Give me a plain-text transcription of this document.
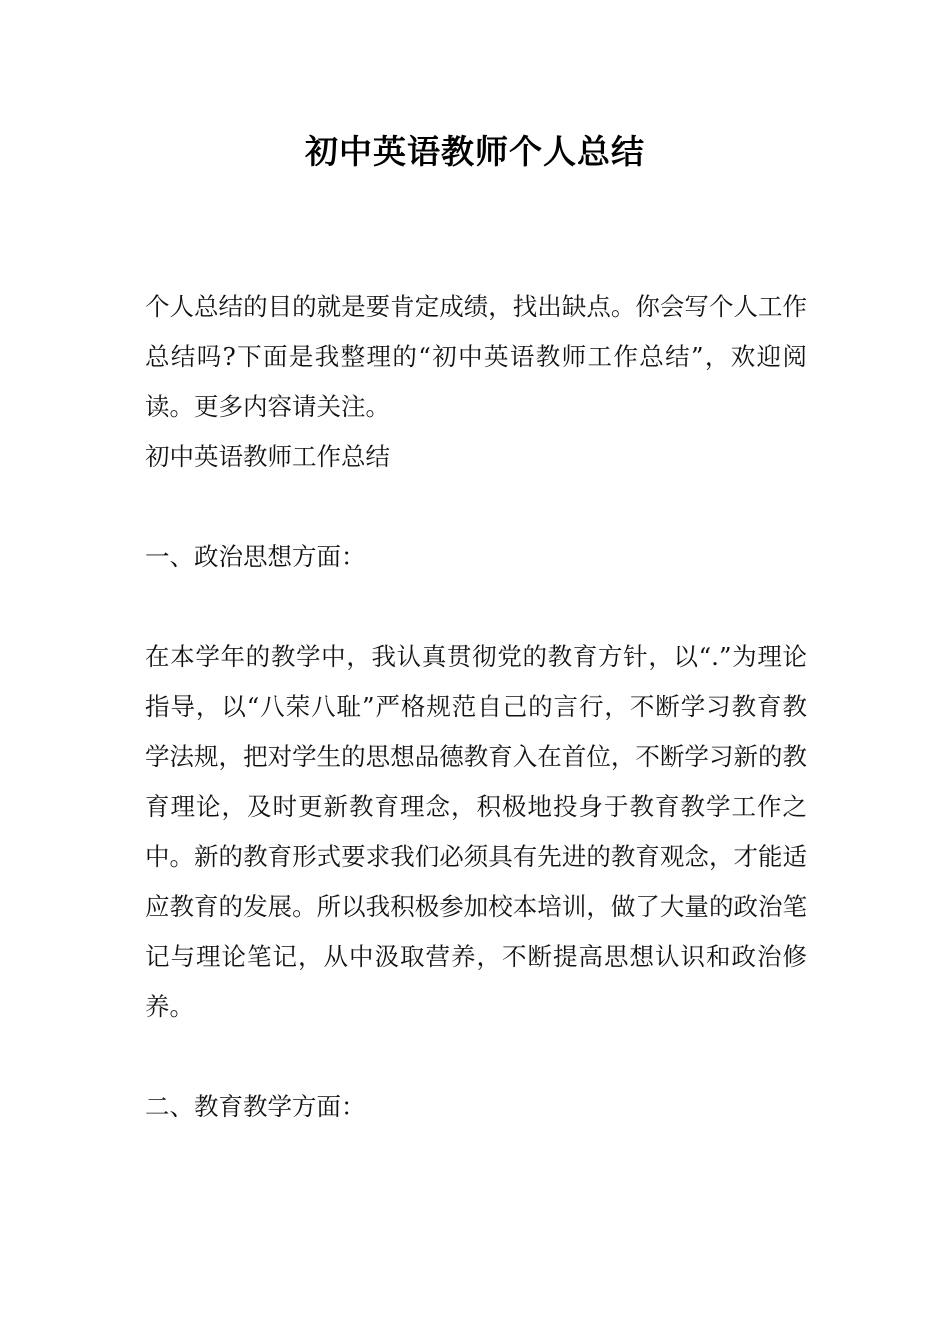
初中英语教师个人总结

个人总结的目的就是要肯定成绩，找出缺点。你会写个人工作总结吗?下面是我整理的“初中英语教师工作总结”，欢迎阅读。更多内容请关注。

初中英语教师工作总结

一、政治思想方面：

在本学年的教学中，我认真贯彻党的教育方针，以“.”为理论指导，以“八荣八耻”严格规范自己的言行，不断学习教育教学法规，把对学生的思想品德教育入在首位，不断学习新的教育理论，及时更新教育理念，积极地投身于教育教学工作之中。新的教育形式要求我们必须具有先进的教育观念，才能适应教育的发展。所以我积极参加校本培训，做了大量的政治笔记与理论笔记，从中汲取营养，不断提高思想认识和政治修养。

二、教育教学方面：
